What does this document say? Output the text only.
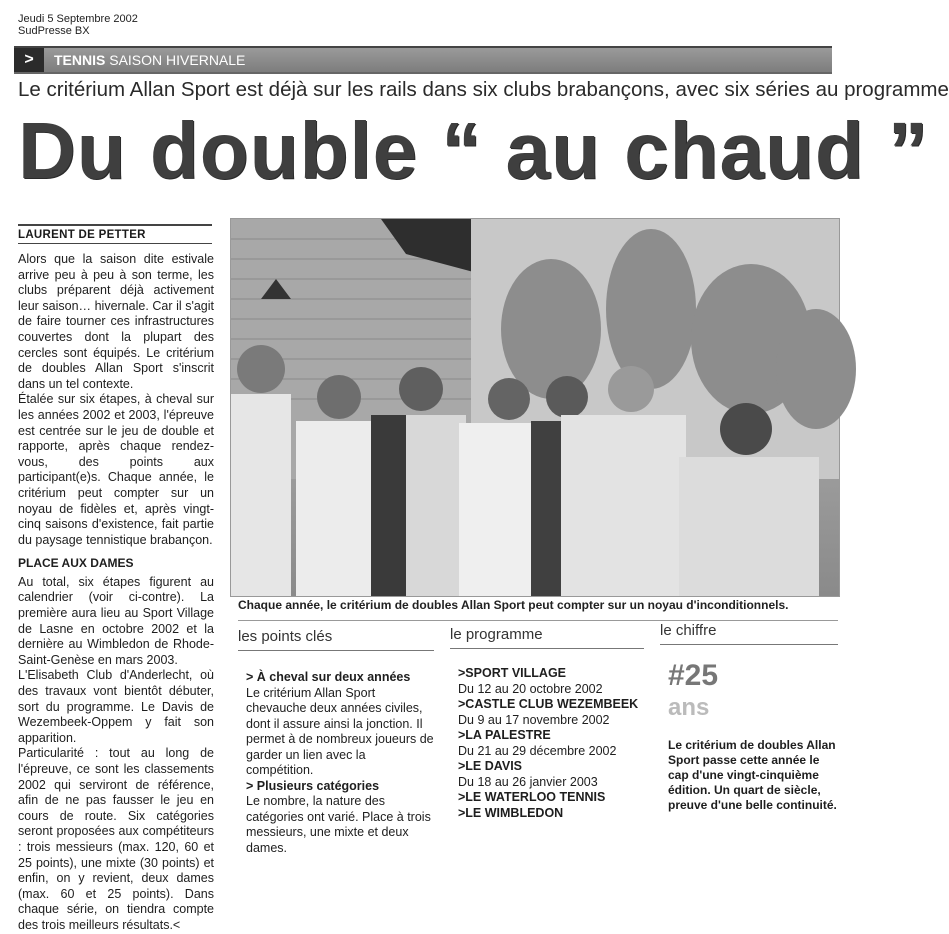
Jeudi 5 Septembre 2002
SudPresse BX
>	TENNIS SAISON HIVERNALE
Le critérium Allan Sport est déjà sur les rails dans six clubs brabançons, avec six séries au programme
Du double “ au chaud ”
LAURENT DE PETTER

Alors que la saison dite estivale arrive peu à peu à son terme, les clubs préparent déjà activement leur saison… hivernale. Car il s'agit de faire tourner ces infrastructures couvertes dont la plupart des cercles sont équipés. Le critérium de doubles Allan Sport s'inscrit dans un tel contexte.

Étalée sur six étapes, à cheval sur les années 2002 et 2003, l'épreuve est centrée sur le jeu de double et rapporte, après chaque rendez-vous, des points aux participant(e)s. Chaque année, le critérium peut compter sur un noyau de fidèles et, après vingt-cinq saisons d'existence, fait partie du paysage tennistique brabançon.

PLACE AUX DAMES

Au total, six étapes figurent au calendrier (voir ci-contre). La première aura lieu au Sport Village de Lasne en octobre 2002 et la dernière au Wimbledon de Rhode-Saint-Genèse en mars 2003.

L'Elisabeth Club d'Anderlecht, où des travaux vont bientôt débuter, sort du programme. Le Davis de Wezembeek-Oppem y fait son apparition.

Particularité : tout au long de l'épreuve, ce sont les classements 2002 qui serviront de référence, afin de ne pas fausser le jeu en cours de route. Six catégories seront proposées aux compétiteurs : trois messieurs (max. 120, 60 et 25 points), une mixte (30 points) et enfin, on y revient, deux dames (max. 60 et 25 points). Dans chaque série, on tiendra compte des trois meilleurs résultats.<

Chaque année, le critérium de doubles Allan Sport peut compter sur un noyau d'inconditionnels.
les points clés
> À cheval sur deux années
Le critérium Allan Sport chevauche deux années civiles, dont il assure ainsi la jonction. Il permet à de nombreux joueurs de garder un lien avec la compétition.
> Plusieurs catégories
Le nombre, la nature des catégories ont varié. Place à trois messieurs, une mixte et deux dames.
le programme
>SPORT VILLAGE
Du 12 au 20 octobre 2002
>CASTLE CLUB WEZEMBEEK
Du 9 au 17 novembre 2002
>LA PALESTRE
Du 21 au 29 décembre 2002
>LE DAVIS
Du 18 au 26 janvier 2003
>LE WATERLOO TENNIS
>LE WIMBLEDON
le chiffre
#25
ans
Le critérium de doubles Allan Sport passe cette année le cap d'une vingt-cinquième édition. Un quart de siècle, preuve d'une belle continuité.
